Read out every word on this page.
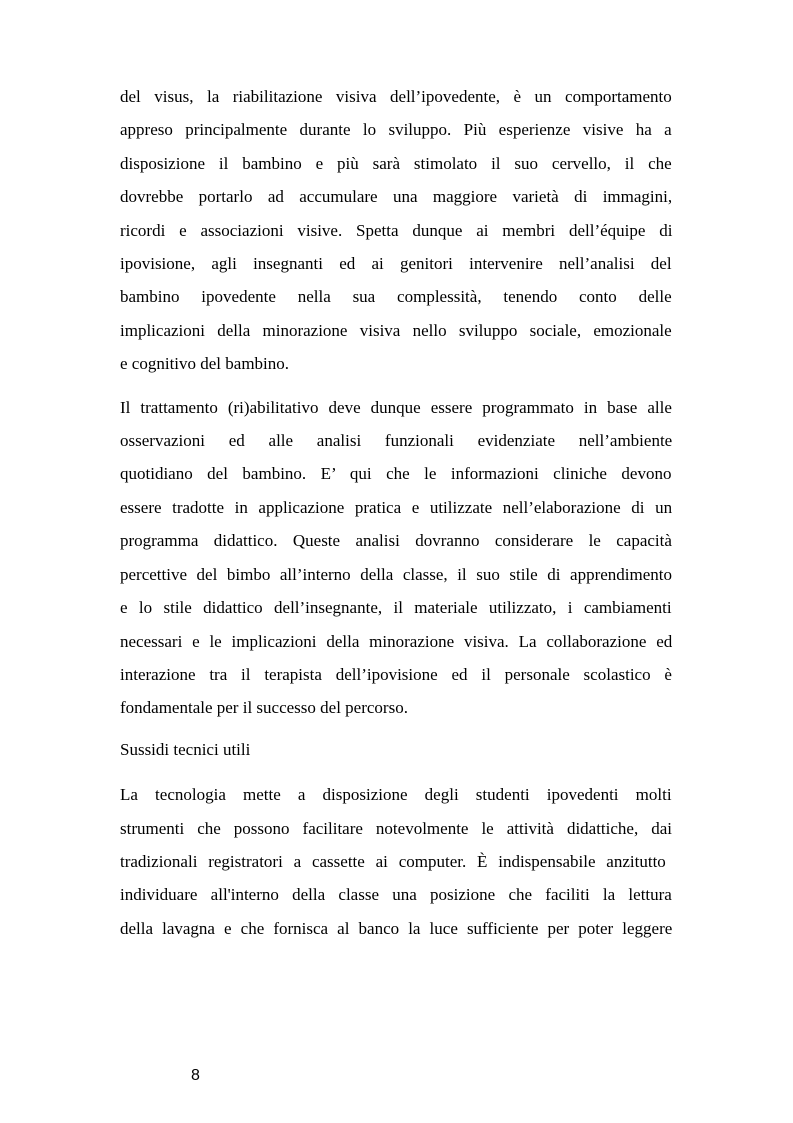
del visus, la riabilitazione visiva dell’ipovedente, è un comportamento
appreso principalmente durante lo sviluppo. Più esperienze visive ha a
disposizione il bambino e più sarà stimolato il suo cervello, il che
dovrebbe portarlo ad accumulare una maggiore varietà di immagini,
ricordi e associazioni visive. Spetta dunque ai membri dell’équipe di
ipovisione, agli insegnanti ed ai genitori intervenire nell’analisi del
bambino ipovedente nella sua complessità, tenendo conto delle
implicazioni della minorazione visiva nello sviluppo sociale, emozionale
e cognitivo del bambino.

Il trattamento (ri)abilitativo deve dunque essere programmato in base alle
osservazioni ed alle analisi funzionali evidenziate nell’ambiente
quotidiano del bambino. E’ qui che le informazioni cliniche devono
essere tradotte in applicazione pratica e utilizzate nell’elaborazione di un
programma didattico. Queste analisi dovranno considerare le capacità
percettive del bimbo all’interno della classe, il suo stile di apprendimento
e lo stile didattico dell’insegnante, il materiale utilizzato, i cambiamenti
necessari e le implicazioni della minorazione visiva. La collaborazione ed
interazione tra il terapista dell’ipovisione ed il personale scolastico è
fondamentale per il successo del percorso.

Sussidi tecnici utili

La tecnologia mette a disposizione degli studenti ipovedenti molti
strumenti che possono facilitare notevolmente le attività didattiche, dai
tradizionali registratori a cassette ai computer. È indispensabile anzitutto
individuare all'interno della classe una posizione che faciliti la lettura
della lavagna e che fornisca al banco la luce sufficiente per poter leggere

8
